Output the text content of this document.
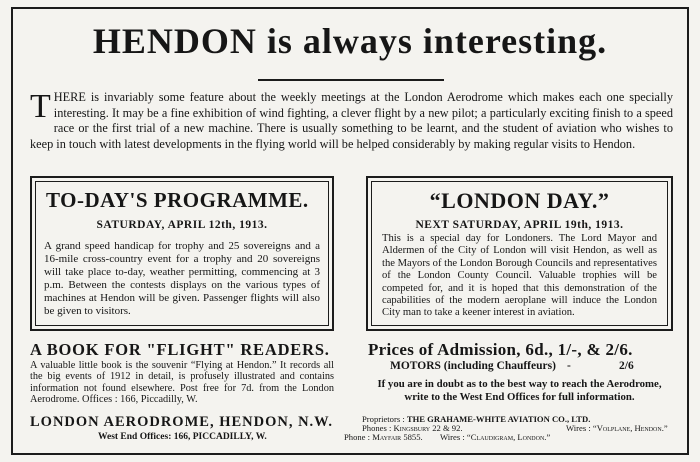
HENDON is always interesting.

THERE is invariably some feature about the weekly meetings at the London Aerodrome which makes each one specially interesting. It may be a fine exhibition of wind fighting, a clever flight by a new pilot; a particularly exciting finish to a speed race or the first trial of a new machine. There is usually something to be learnt, and the student of aviation who wishes to keep in touch with latest developments in the flying world will be helped considerably by making regular visits to Hendon.

TO-DAY'S PROGRAMME.
SATURDAY, APRIL 12th, 1913.

A grand speed handicap for trophy and 25 sovereigns and a 16-mile cross-country event for a trophy and 20 sovereigns will take place to-day, weather permitting, commencing at 3 p.m. Between the contests displays on the various types of machines at Hendon will be given. Passenger flights will also be given to visitors.

“LONDON DAY.”
NEXT SATURDAY, APRIL 19th, 1913.

This is a special day for Londoners. The Lord Mayor and Aldermen of the City of London will visit Hendon, as well as the Mayors of the London Borough Councils and representatives of the London County Council. Valuable trophies will be competed for, and it is hoped that this demonstration of the capabilities of the modern aeroplane will induce the London City man to take a keener interest in aviation.

A BOOK FOR "FLIGHT" READERS.

A valuable little book is the souvenir “Flying at Hendon.” It records all the big events of 1912 in detail, is profusely illustrated and contains information not found elsewhere. Post free for 7d. from the London Aerodrome. Offices : 166, Piccadilly, W.

Prices of Admission, 6d., 1/-, & 2/6.
MOTORS (including Chauffeurs) -	2/6

If you are in doubt as to the best way to reach the Aerodrome, write to the West End Offices for full information.

LONDON AERODROME, HENDON, N.W.
West End Offices: 166, PICCADILLY, W.
Proprietors : THE GRAHAME-WHITE AVIATION CO., LTD.
Phones : Kingsbury 22 & 92.	Wires : “Volplane, Hendon.”
Phone : Mayfair 5855. Wires : “Claudigram, London.”
